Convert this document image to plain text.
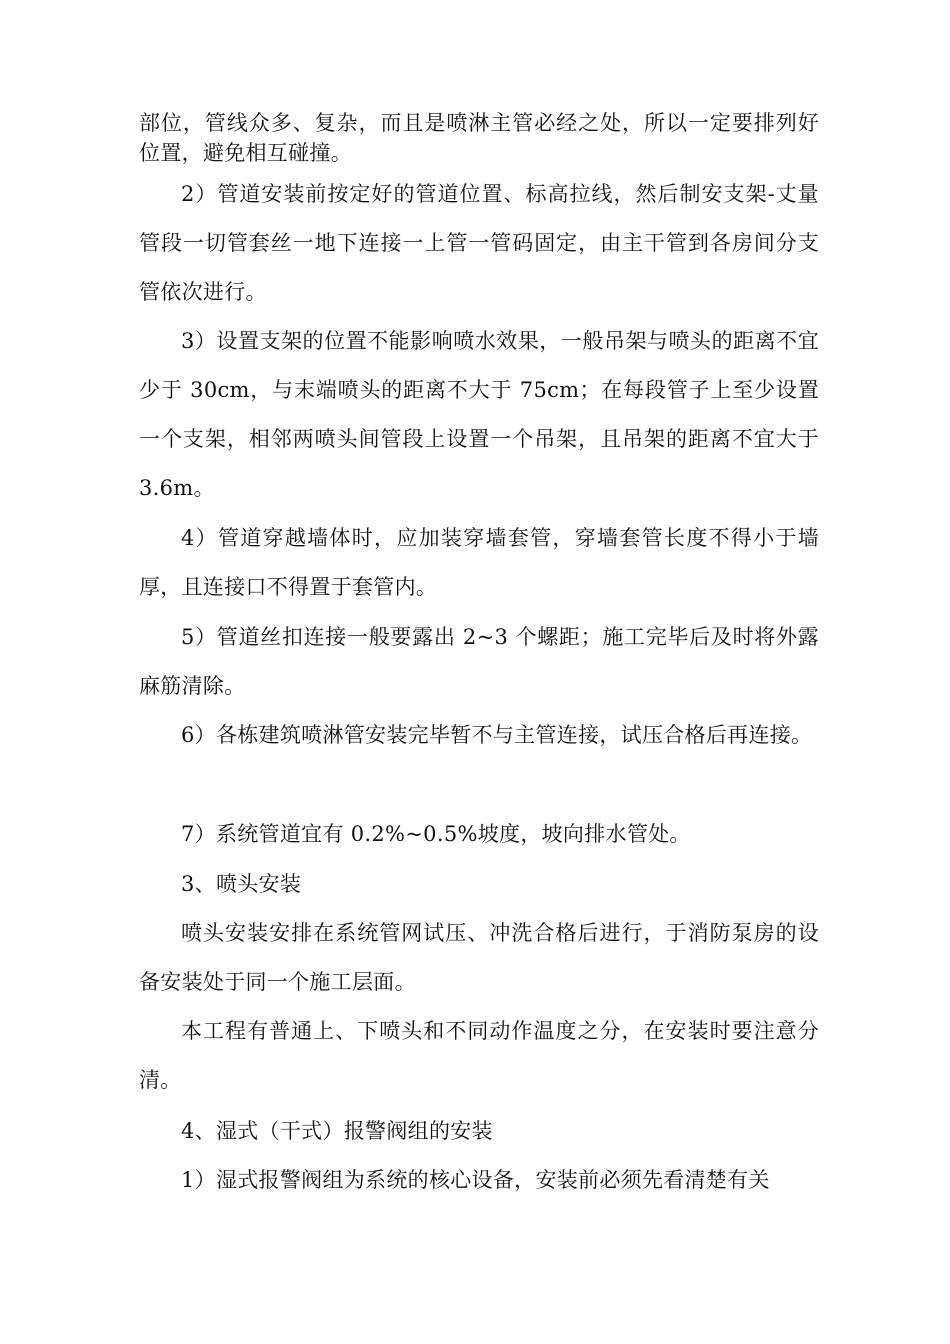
部位，管线众多、复杂，而且是喷淋主管必经之处，所以一定要排列好位置，避免相互碰撞。

2）管道安装前按定好的管道位置、标高拉线，然后制安支架-丈量管段一切管套丝一地下连接一上管一管码固定，由主干管到各房间分支管依次进行。

3）设置支架的位置不能影响喷水效果，一般吊架与喷头的距离不宜少于 30cm，与末端喷头的距离不大于 75cm；在每段管子上至少设置一个支架，相邻两喷头间管段上设置一个吊架，且吊架的距离不宜大于 3.6m。

4）管道穿越墙体时，应加装穿墙套管，穿墙套管长度不得小于墙厚，且连接口不得置于套管内。

5）管道丝扣连接一般要露出 2~3 个螺距；施工完毕后及时将外露麻筋清除。

6）各栋建筑喷淋管安装完毕暂不与主管连接，试压合格后再连接。

7）系统管道宜有 0.2%~0.5%坡度，坡向排水管处。

3、喷头安装

喷头安装安排在系统管网试压、冲洗合格后进行，于消防泵房的设备安装处于同一个施工层面。

本工程有普通上、下喷头和不同动作温度之分，在安装时要注意分清。

4、湿式（干式）报警阀组的安装

1）湿式报警阀组为系统的核心设备，安装前必须先看清楚有关
